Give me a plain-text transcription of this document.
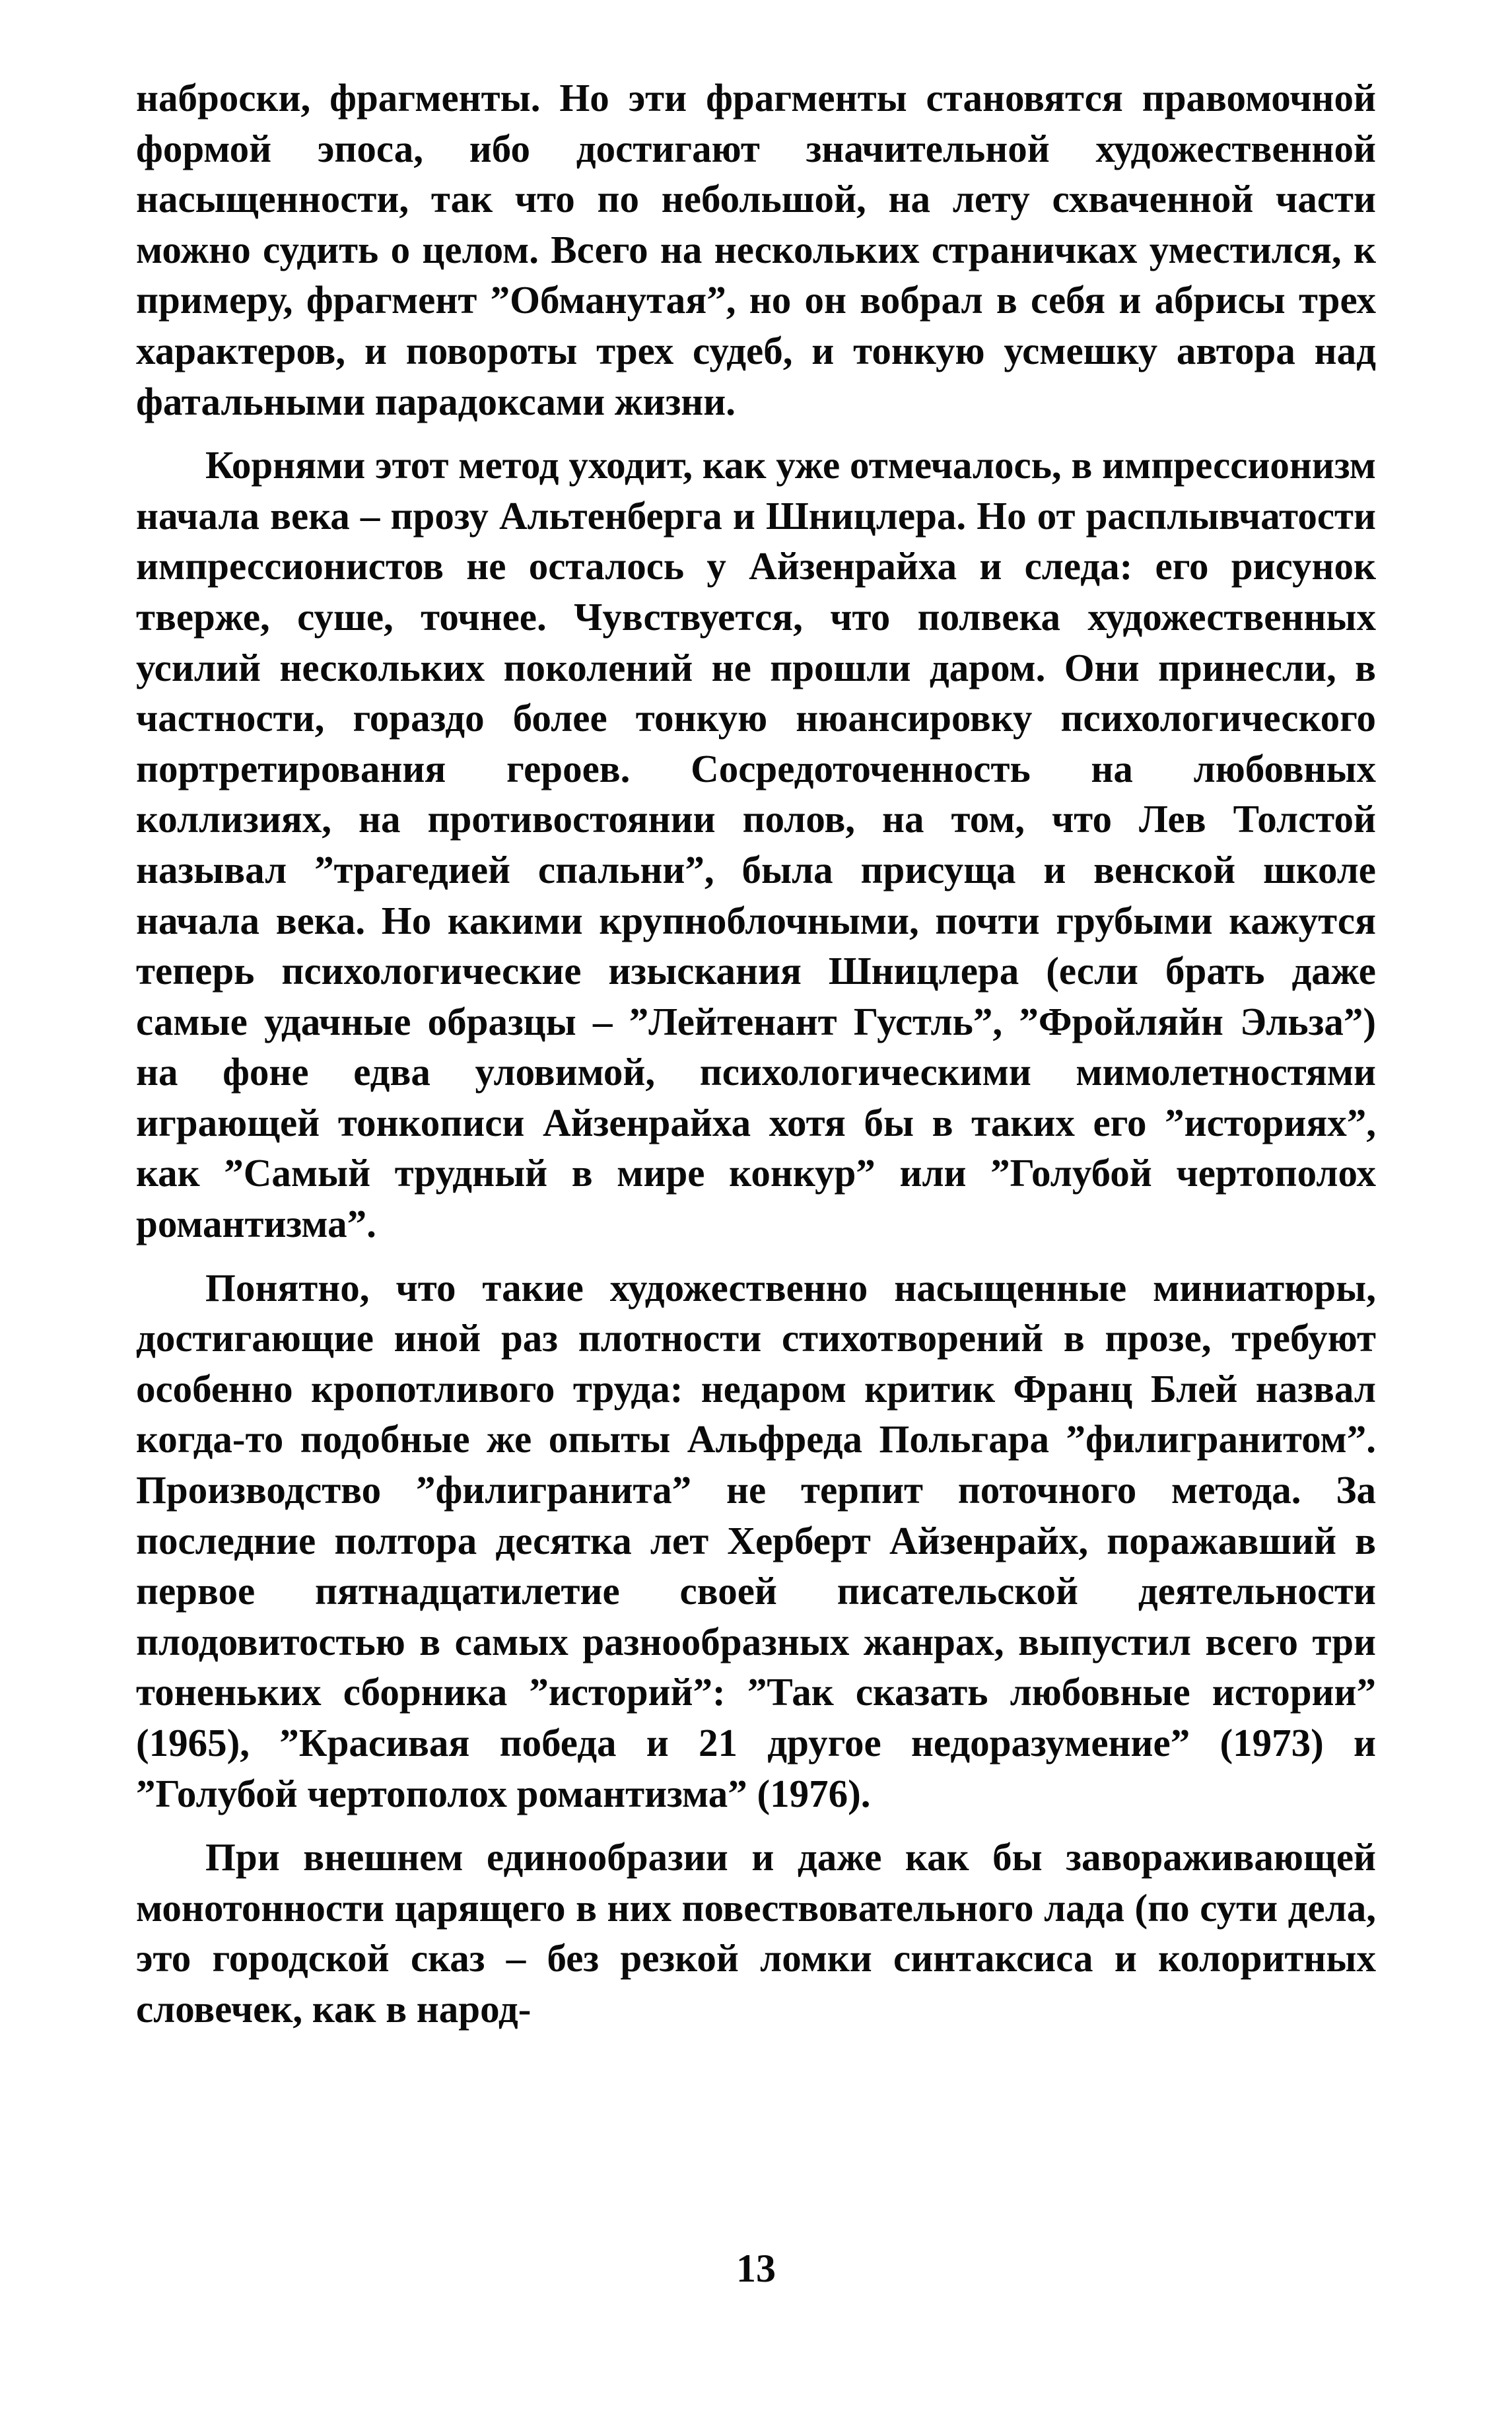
наброски, фрагменты. Но эти фрагменты становятся правомочной формой эпоса, ибо достигают значительной художественной насыщенности, так что по небольшой, на лету схваченной части можно судить о целом. Всего на нескольких страничках уместился, к примеру, фрагмент ”Обманутая”, но он вобрал в себя и абрисы трех характеров, и повороты трех судеб, и тонкую усмешку автора над фатальными парадоксами жизни.

Корнями этот метод уходит, как уже отмечалось, в импрессионизм начала века – прозу Альтенберга и Шницлера. Но от расплывчатости импрессионистов не осталось у Айзенрайха и следа: его рисунок тверже, суше, точнее. Чувствуется, что полвека художественных усилий нескольких поколений не прошли даром. Они принесли, в частности, гораздо более тонкую нюансировку психологического портретирования героев. Сосредоточенность на любовных коллизиях, на противостоянии полов, на том, что Лев Толстой называл ”трагедией спальни”, была присуща и венской школе начала века. Но какими крупноблочными, почти грубыми кажутся теперь психологические изыскания Шницлера (если брать даже самые удачные образцы – ”Лейтенант Густль”, ”Фройляйн Эльза”) на фоне едва уловимой, психологическими мимолетностями играющей тонкописи Айзенрайха хотя бы в таких его ”историях”, как ”Самый трудный в мире конкур” или ”Голубой чертополох романтизма”.

Понятно, что такие художественно насыщенные миниатюры, достигающие иной раз плотности стихотворений в прозе, требуют особенно кропотливого труда: недаром критик Франц Блей назвал когда-то подобные же опыты Альфреда Польгара ”филигранитом”. Производство ”филигранита” не терпит поточного метода. За последние полтора десятка лет Херберт Айзенрайх, поражавший в первое пятнадцатилетие своей писательской деятельности плодовитостью в самых разнообразных жанрах, выпустил всего три тоненьких сборника ”историй”: ”Так сказать любовные истории” (1965), ”Красивая победа и 21 другое недоразумение” (1973) и ”Голубой чертополох романтизма” (1976).

При внешнем единообразии и даже как бы завораживающей монотонности царящего в них повествовательного лада (по сути дела, это городской сказ – без резкой ломки синтаксиса и колоритных словечек, как в народ-

13
